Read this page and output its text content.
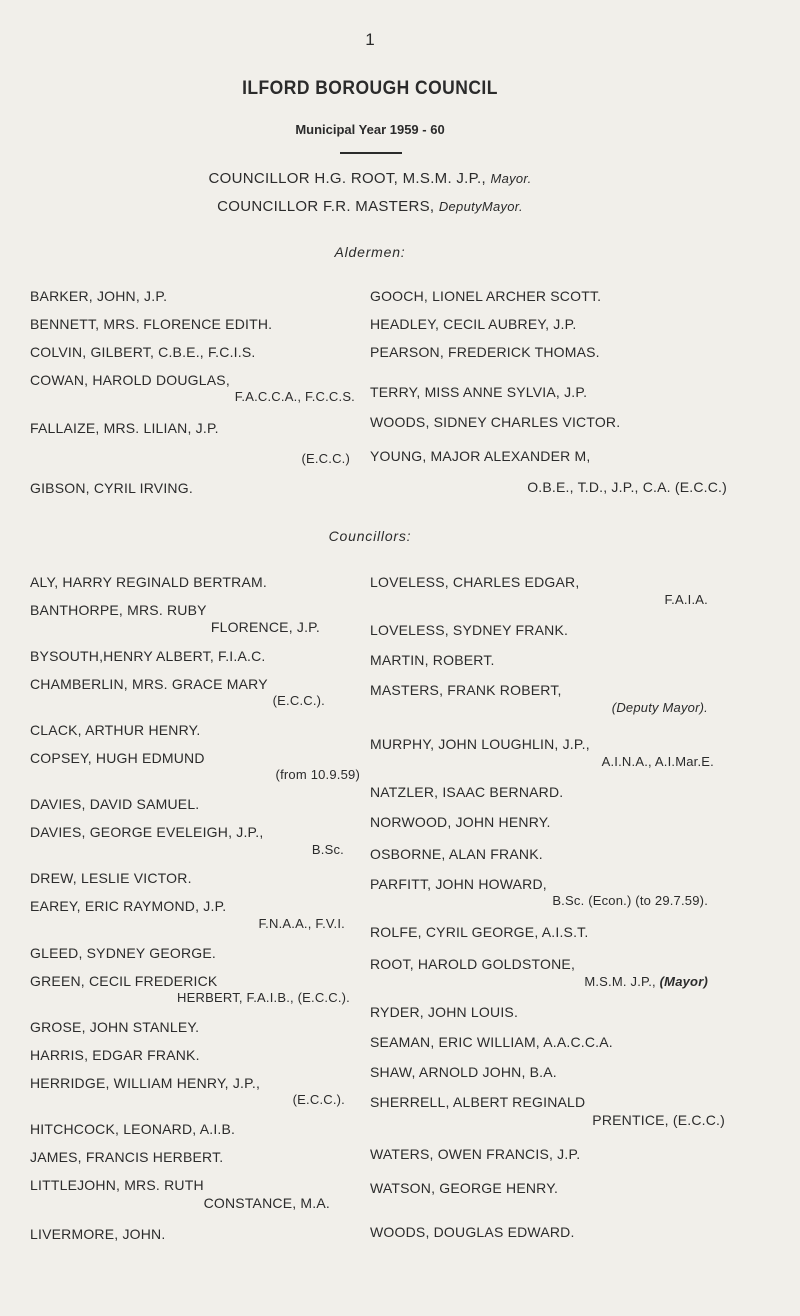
1
ILFORD BOROUGH COUNCIL
Municipal Year 1959 - 60
COUNCILLOR H.G. ROOT, M.S.M. J.P., Mayor.
COUNCILLOR F.R. MASTERS, DeputyMayor.
Aldermen:
BARKER, JOHN, J.P.
BENNETT, MRS. FLORENCE EDITH.
COLVIN, GILBERT, C.B.E., F.C.I.S.
COWAN, HAROLD DOUGLAS,
F.A.C.C.A., F.C.C.S.
FALLAIZE, MRS. LILIAN, J.P.
(E.C.C.)
GIBSON, CYRIL IRVING.
GOOCH, LIONEL ARCHER SCOTT.
HEADLEY, CECIL AUBREY, J.P.
PEARSON, FREDERICK THOMAS.
TERRY, MISS ANNE SYLVIA, J.P.
WOODS, SIDNEY CHARLES VICTOR.
YOUNG, MAJOR ALEXANDER M,
O.B.E., T.D., J.P., C.A. (E.C.C.)
Councillors:
ALY, HARRY REGINALD BERTRAM.
BANTHORPE, MRS. RUBY
FLORENCE, J.P.
BYSOUTH,HENRY ALBERT, F.I.A.C.
CHAMBERLIN, MRS. GRACE MARY
(E.C.C.).
CLACK, ARTHUR HENRY.
COPSEY, HUGH EDMUND
(from 10.9.59)
DAVIES, DAVID SAMUEL.
DAVIES, GEORGE EVELEIGH, J.P.,
B.Sc.
DREW, LESLIE VICTOR.
EAREY, ERIC RAYMOND, J.P.
F.N.A.A., F.V.I.
GLEED, SYDNEY GEORGE.
GREEN, CECIL FREDERICK
HERBERT, F.A.I.B., (E.C.C.).
GROSE, JOHN STANLEY.
HARRIS, EDGAR FRANK.
HERRIDGE, WILLIAM HENRY, J.P.,
(E.C.C.).
HITCHCOCK, LEONARD, A.I.B.
JAMES, FRANCIS HERBERT.
LITTLEJOHN, MRS. RUTH
CONSTANCE, M.A.
LIVERMORE, JOHN.
LOVELESS, CHARLES EDGAR,
F.A.I.A.
LOVELESS, SYDNEY FRANK.
MARTIN, ROBERT.
MASTERS, FRANK ROBERT,
(Deputy Mayor).
MURPHY, JOHN LOUGHLIN, J.P.,
A.I.N.A., A.I.Mar.E.
NATZLER, ISAAC BERNARD.
NORWOOD, JOHN HENRY.
OSBORNE, ALAN FRANK.
PARFITT, JOHN HOWARD,
B.Sc. (Econ.) (to 29.7.59).
ROLFE, CYRIL GEORGE, A.I.S.T.
ROOT, HAROLD GOLDSTONE,
M.S.M. J.P., (Mayor)
RYDER, JOHN LOUIS.
SEAMAN, ERIC WILLIAM, A.A.C.C.A.
SHAW, ARNOLD JOHN, B.A.
SHERRELL, ALBERT REGINALD
PRENTICE, (E.C.C.)
WATERS, OWEN FRANCIS, J.P.
WATSON, GEORGE HENRY.
WOODS, DOUGLAS EDWARD.
